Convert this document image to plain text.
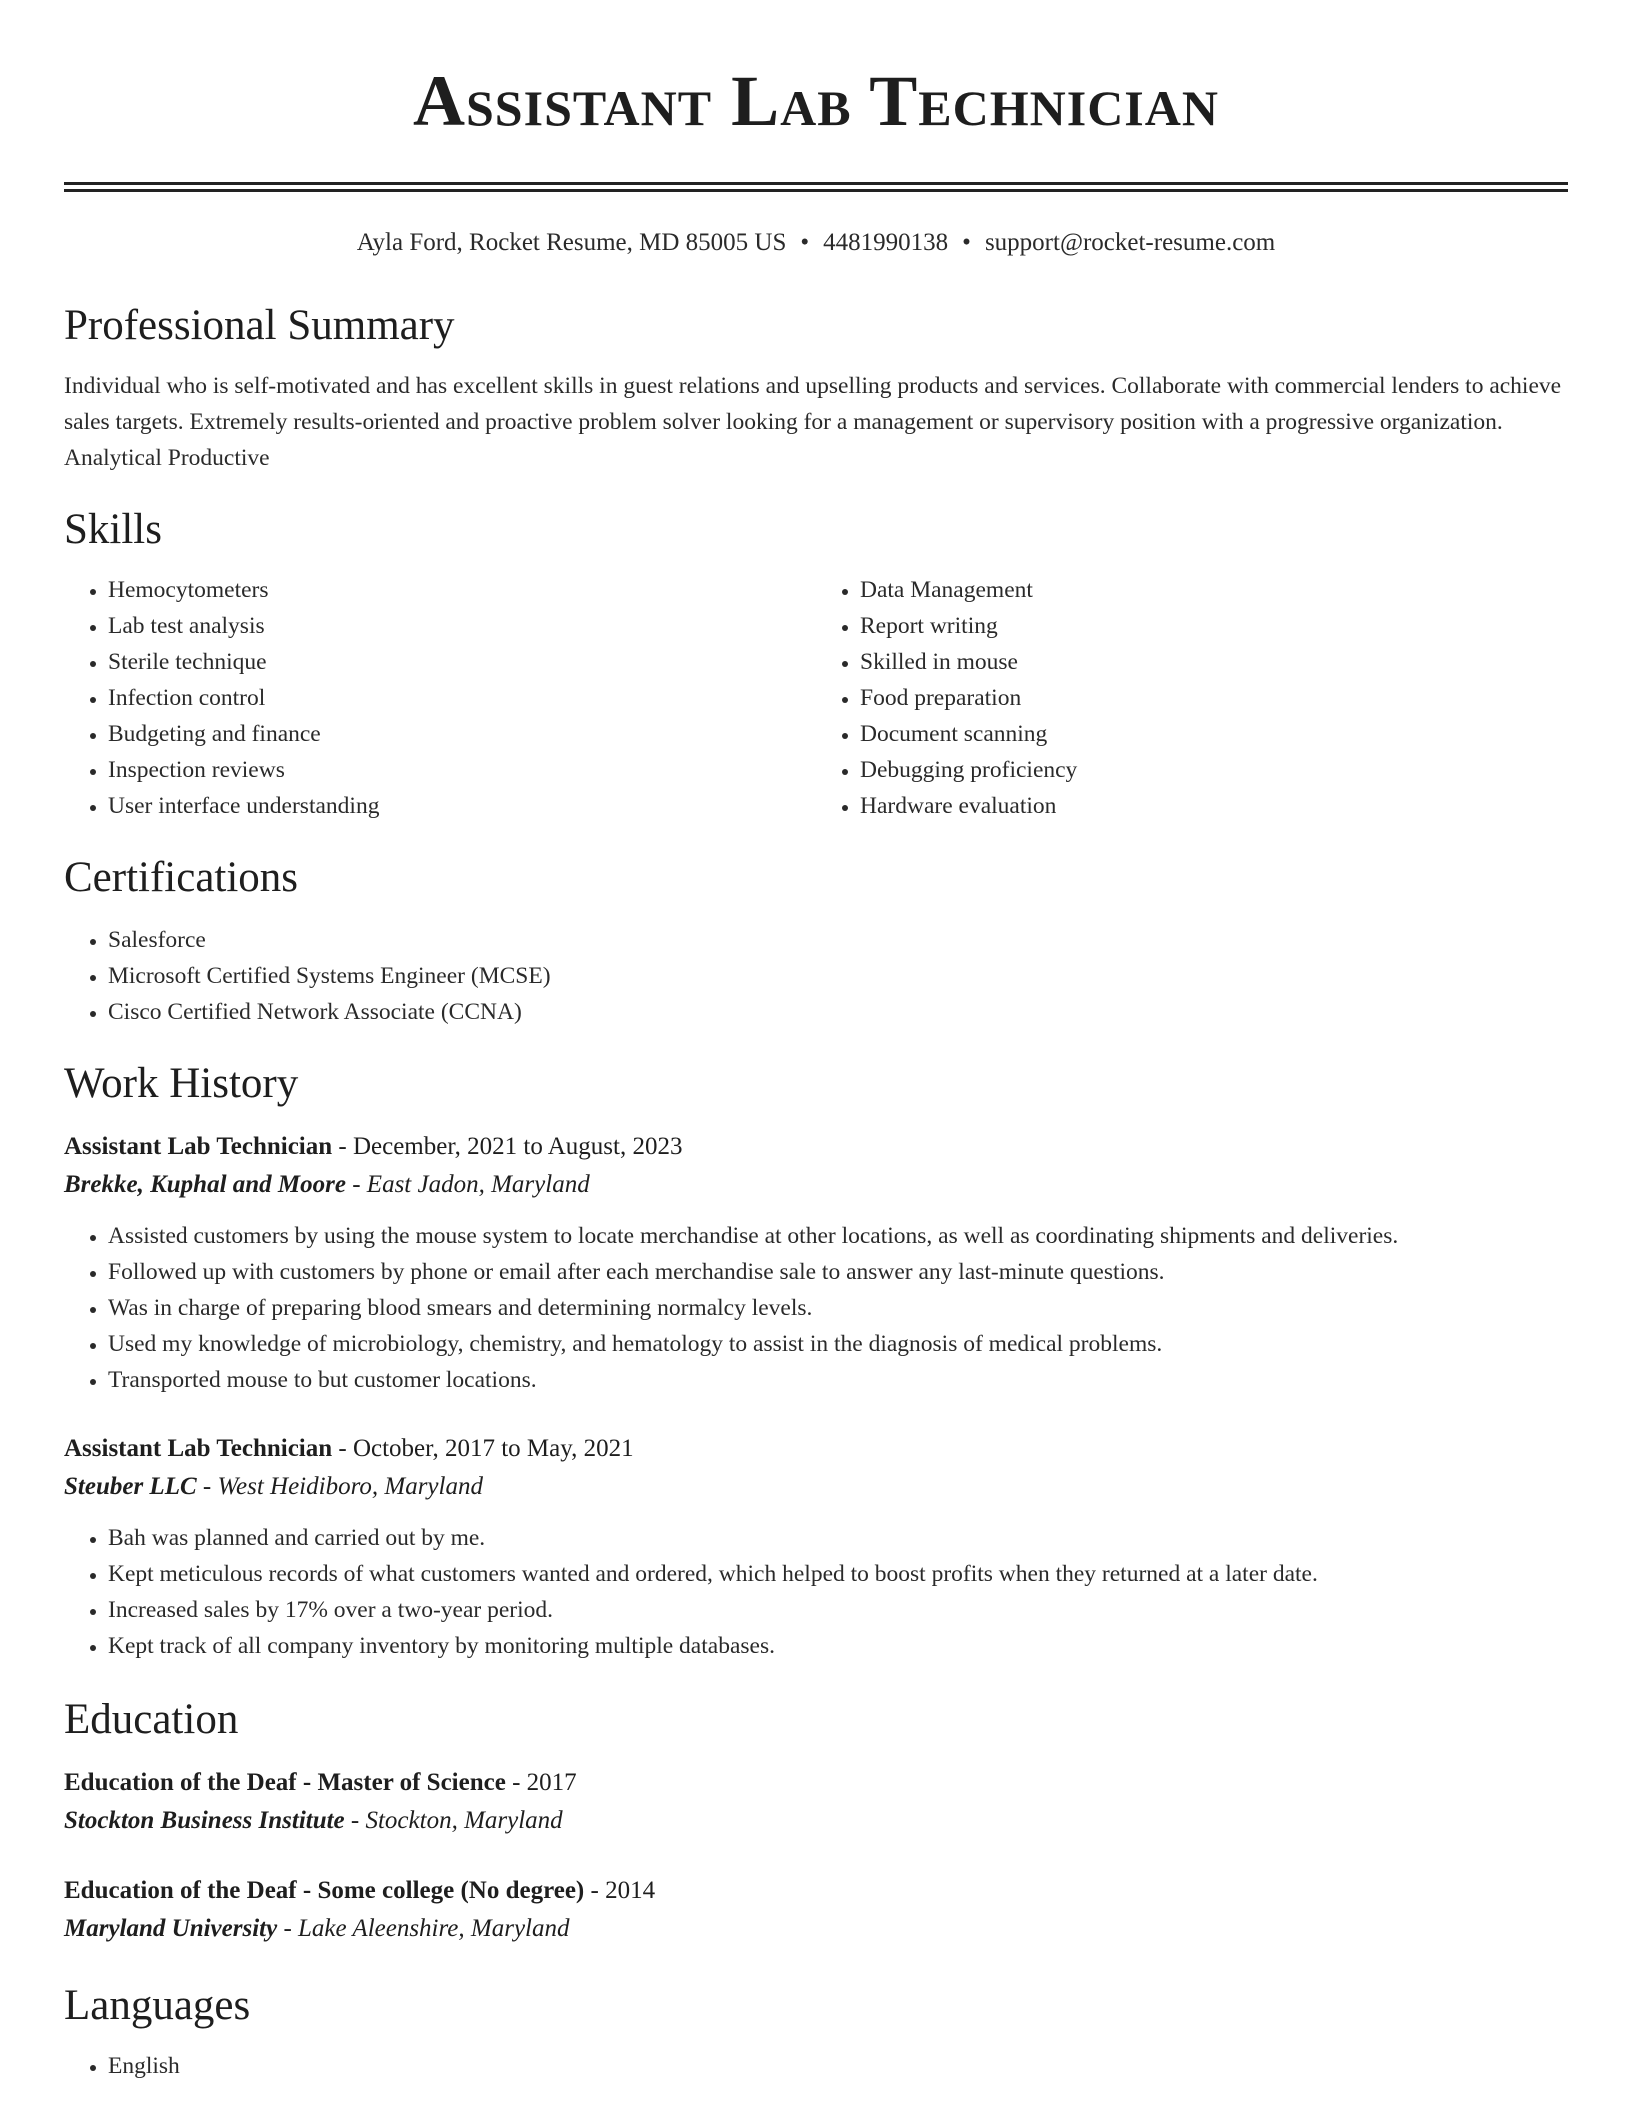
Assistant Lab Technician
Ayla Ford, Rocket Resume, MD 85005 US • 4481990138 • support@rocket-resume.com
Professional Summary

Individual who is self-motivated and has excellent skills in guest relations and upselling products and services. Collaborate with commercial lenders to achieve sales targets. Extremely results-oriented and proactive problem solver looking for a management or supervisory position with a progressive organization. Analytical Productive

Skills
• Hemocytometers
• Lab test analysis
• Sterile technique
• Infection control
• Budgeting and finance
• Inspection reviews
• User interface understanding
• Data Management
• Report writing
• Skilled in mouse
• Food preparation
• Document scanning
• Debugging proficiency
• Hardware evaluation
Certifications
• Salesforce
• Microsoft Certified Systems Engineer (MCSE)
• Cisco Certified Network Associate (CCNA)
Work History
Assistant Lab Technician - December, 2021 to August, 2023
Brekke, Kuphal and Moore - East Jadon, Maryland
• Assisted customers by using the mouse system to locate merchandise at other locations, as well as coordinating shipments and deliveries.
• Followed up with customers by phone or email after each merchandise sale to answer any last-minute questions.
• Was in charge of preparing blood smears and determining normalcy levels.
• Used my knowledge of microbiology, chemistry, and hematology to assist in the diagnosis of medical problems.
• Transported mouse to but customer locations.
Assistant Lab Technician - October, 2017 to May, 2021
Steuber LLC - West Heidiboro, Maryland
• Bah was planned and carried out by me.
• Kept meticulous records of what customers wanted and ordered, which helped to boost profits when they returned at a later date.
• Increased sales by 17% over a two-year period.
• Kept track of all company inventory by monitoring multiple databases.
Education
Education of the Deaf - Master of Science - 2017
Stockton Business Institute - Stockton, Maryland
Education of the Deaf - Some college (No degree) - 2014
Maryland University - Lake Aleenshire, Maryland
Languages
• English
